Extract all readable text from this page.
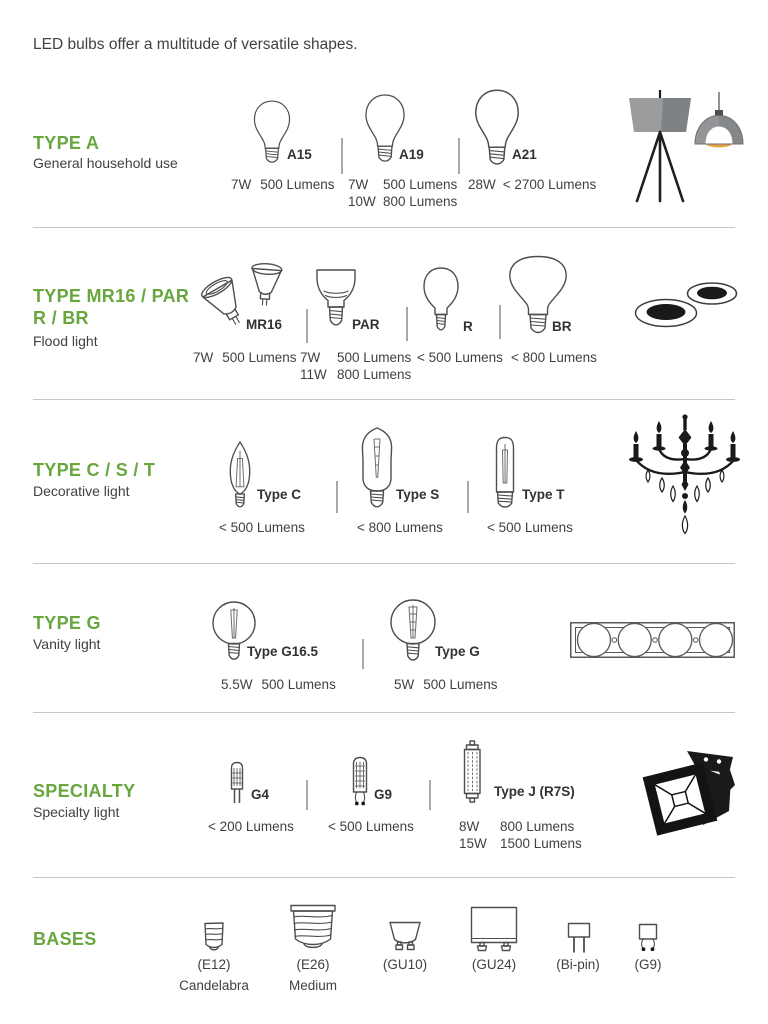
LED bulbs offer a multitude of versatile shapes.
TYPE A
General household use
A15
7W 500 Lumens
A19
7W	500 Lumens
10W 800 Lumens
A21
28W < 2700 Lumens
TYPE MR16 / PAR
R / BR
Flood light
MR16
7W 500 Lumens
PAR
7W	500 Lumens
11W 800 Lumens
R
< 500 Lumens
BR
< 800 Lumens
TYPE C / S / T
Decorative light	Type C
< 500 Lumens
Type S
< 800 Lumens
Type T
< 500 Lumens
TYPE G
Vanity light	Type G16.5
5.5W 500 Lumens
Type G
5W 500 Lumens
SPECIALTY
Specialty light
G4
< 200 Lumens
G9
< 500 Lumens
Type J (R7S)
8W	800 Lumens
15W 1500 Lumens
BASES
(E12)	(E26)	(GU10)	(GU24)	(Bi-pin)	(G9)
Candelabra	Medium
